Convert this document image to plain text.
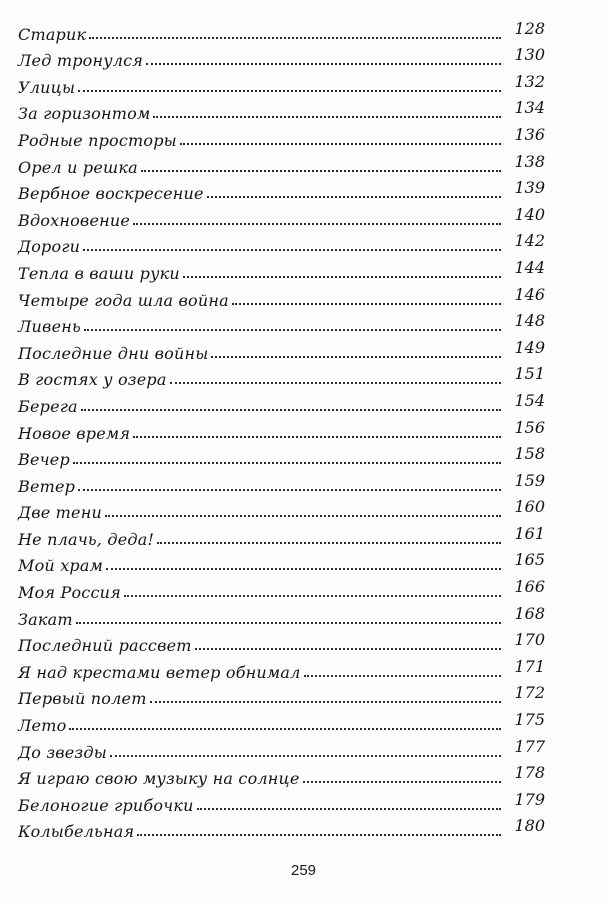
Старик	128
Лед тронулся	130
Улицы	132
За горизонтом	134
Родные просторы	136
Орел и решка	138
Вербное воскресение	139
Вдохновение	140
Дороги	142
Тепла в ваши руки	144
Четыре года шла война	146
Ливень	148
Последние дни войны	149
В гостях у озера	151
Берега	154
Новое время	156
Вечер	158
Ветер	159
Две тени	160
Не плачь, деда!	161
Мой храм	165
Моя Россия	166
Закат	168
Последний рассвет	170
Я над крестами ветер обнимал	171
Первый полет	172
Лето	175
До звезды	177
Я играю свою музыку на солнце	178
Белоногие грибочки	179
Колыбельная	180
259
